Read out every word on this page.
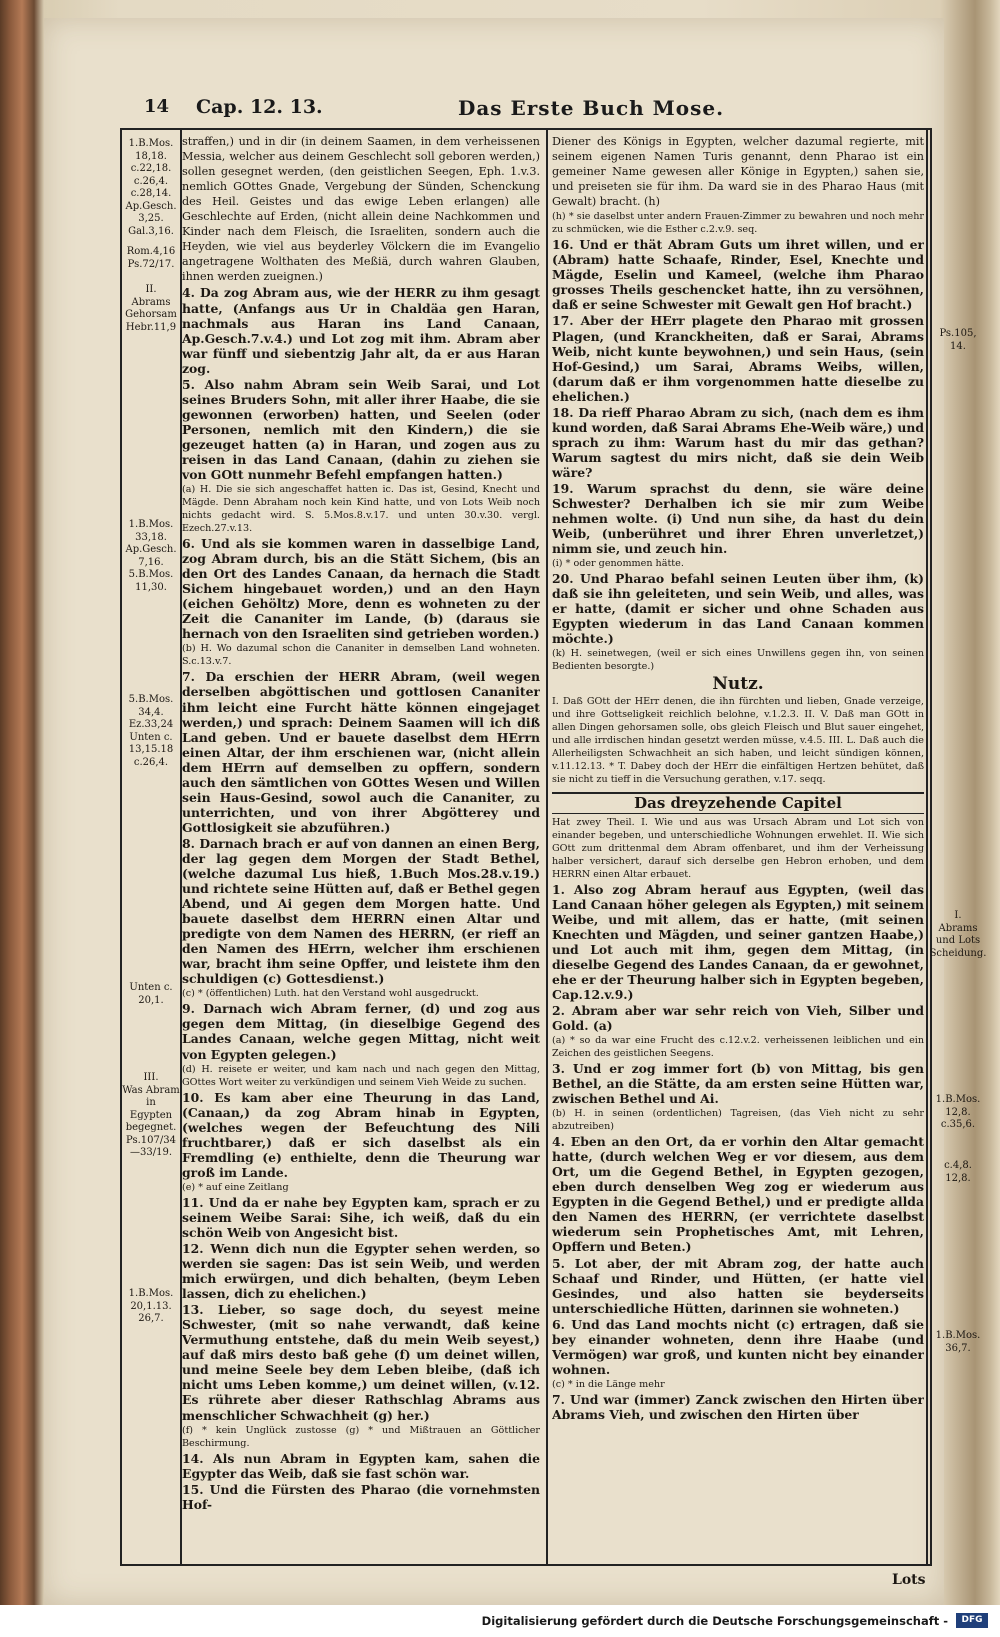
14 Cap. 12. 13.	Das Erste Buch Mose.
1.B.Mos.
18,18.
c.22,18.
c.26,4.
c.28,14.
Ap.Gesch.
3,25.
Gal.3,16.
Rom.4,16
Ps.72/17.
II.
Abrams
Gehorsam
Hebr.11,9
1.B.Mos.
33,18.
Ap.Gesch.
7,16.
5.B.Mos.
11,30.
5.B.Mos.
34,4.
Ez.33,24
Unten c.
13,15.18
c.26,4.
Unten c.
20,1.
III.
Was Abram in
Egypten
begegnet.
Ps.107/34
—33/19.
1.B.Mos.
20,1.13.
26,7.
Ps.105,
14.
I.
Abrams
und Lots
Scheidung.
1.B.Mos.
12,8.
c.35,6.
c.4,8.
12,8.
1.B.Mos.
36,7.

straffen,) und in dir (in deinem Saamen, in dem verheissenen Messia, welcher aus deinem Geschlecht soll geboren werden,) sollen gesegnet werden, (den geistlichen Seegen, Eph. 1.v.3. nemlich GOttes Gnade, Vergebung der Sünden, Schenckung des Heil. Geistes und das ewige Leben erlangen) alle Geschlechte auf Erden, (nicht allein deine Nachkommen und Kinder nach dem Fleisch, die Israeliten, sondern auch die Heyden, wie viel aus beyderley Völckern die im Evangelio angetragene Wolthaten des Meßiä, durch wahren Glauben, ihnen werden zueignen.)

4. Da zog Abram aus, wie der HERR zu ihm gesagt hatte, (Anfangs aus Ur in Chaldäa gen Haran, nachmals aus Haran ins Land Canaan, Ap.Gesch.7.v.4.) und Lot zog mit ihm. Abram aber war fünff und siebentzig Jahr alt, da er aus Haran zog.

5. Also nahm Abram sein Weib Sarai, und Lot seines Bruders Sohn, mit aller ihrer Haabe, die sie gewonnen (erworben) hatten, und Seelen (oder Personen, nemlich mit den Kindern,) die sie gezeuget hatten (a) in Haran, und zogen aus zu reisen in das Land Canaan, (dahin zu ziehen sie von GOtt nunmehr Befehl empfangen hatten.)

(a) H. Die sie sich angeschaffet hatten ic. Das ist, Gesind, Knecht und Mägde. Denn Abraham noch kein Kind hatte, und von Lots Weib noch nichts gedacht wird. S. 5.Mos.8.v.17. und unten 30.v.30. vergl. Ezech.27.v.13.

6. Und als sie kommen waren in dasselbige Land, zog Abram durch, bis an die Stätt Sichem, (bis an den Ort des Landes Canaan, da hernach die Stadt Sichem hingebauet worden,) und an den Hayn (eichen Gehöltz) More, denn es wohneten zu der Zeit die Cananiter im Lande, (b) (daraus sie hernach von den Israeliten sind getrieben worden.)

(b) H. Wo dazumal schon die Cananiter in demselben Land wohneten. S.c.13.v.7.

7. Da erschien der HERR Abram, (weil wegen derselben abgöttischen und gottlosen Cananiter ihm leicht eine Furcht hätte können eingejaget werden,) und sprach: Deinem Saamen will ich diß Land geben. Und er bauete daselbst dem HErrn einen Altar, der ihm erschienen war, (nicht allein dem HErrn auf demselben zu opffern, sondern auch den sämtlichen von GOttes Wesen und Willen sein Haus-Gesind, sowol auch die Cananiter, zu unterrichten, und von ihrer Abgötterey und Gottlosigkeit sie abzuführen.)

8. Darnach brach er auf von dannen an einen Berg, der lag gegen dem Morgen der Stadt Bethel, (welche dazumal Lus hieß, 1.Buch Mos.28.v.19.) und richtete seine Hütten auf, daß er Bethel gegen Abend, und Ai gegen dem Morgen hatte. Und bauete daselbst dem HERRN einen Altar und predigte von dem Namen des HERRN, (er rieff an den Namen des HErrn, welcher ihm erschienen war, bracht ihm seine Opffer, und leistete ihm den schuldigen (c) Gottesdienst.)

(c) * (öffentlichen) Luth. hat den Verstand wohl ausgedruckt.

9. Darnach wich Abram ferner, (d) und zog aus gegen dem Mittag, (in dieselbige Gegend des Landes Canaan, welche gegen Mittag, nicht weit von Egypten gelegen.)

(d) H. reisete er weiter, und kam nach und nach gegen den Mittag, GOttes Wort weiter zu verkündigen und seinem Vieh Weide zu suchen.

10. Es kam aber eine Theurung in das Land, (Canaan,) da zog Abram hinab in Egypten, (welches wegen der Befeuchtung des Nili fruchtbarer,) daß er sich daselbst als ein Fremdling (e) enthielte, denn die Theurung war groß im Lande.

(e) * auf eine Zeitlang

11. Und da er nahe bey Egypten kam, sprach er zu seinem Weibe Sarai: Sihe, ich weiß, daß du ein schön Weib von Angesicht bist.

12. Wenn dich nun die Egypter sehen werden, so werden sie sagen: Das ist sein Weib, und werden mich erwürgen, und dich behalten, (beym Leben lassen, dich zu ehelichen.)

13. Lieber, so sage doch, du seyest meine Schwester, (mit so nahe verwandt, daß keine Vermuthung entstehe, daß du mein Weib seyest,) auf daß mirs desto baß gehe (f) um deinet willen, und meine Seele bey dem Leben bleibe, (daß ich nicht ums Leben komme,) um deinet willen, (v.12. Es rührete aber dieser Rathschlag Abrams aus menschlicher Schwachheit (g) her.)

(f) * kein Unglück zustosse (g) * und Mißtrauen an Göttlicher Beschirmung.

14. Als nun Abram in Egypten kam, sahen die Egypter das Weib, daß sie fast schön war.

15. Und die Fürsten des Pharao (die vornehmsten Hof-

Diener des Königs in Egypten, welcher dazumal regierte, mit seinem eigenen Namen Turis genannt, denn Pharao ist ein gemeiner Name gewesen aller Könige in Egypten,) sahen sie, und preiseten sie für ihm. Da ward sie in des Pharao Haus (mit Gewalt) bracht. (h)

(h) * sie daselbst unter andern Frauen-Zimmer zu bewahren und noch mehr zu schmücken, wie die Esther c.2.v.9. seq.

16. Und er thät Abram Guts um ihret willen, und er (Abram) hatte Schaafe, Rinder, Esel, Knechte und Mägde, Eselin und Kameel, (welche ihm Pharao grosses Theils geschencket hatte, ihn zu versöhnen, daß er seine Schwester mit Gewalt gen Hof bracht.)

17. Aber der HErr plagete den Pharao mit grossen Plagen, (und Kranckheiten, daß er Sarai, Abrams Weib, nicht kunte beywohnen,) und sein Haus, (sein Hof-Gesind,) um Sarai, Abrams Weibs, willen, (darum daß er ihm vorgenommen hatte dieselbe zu ehelichen.)

18. Da rieff Pharao Abram zu sich, (nach dem es ihm kund worden, daß Sarai Abrams Ehe-Weib wäre,) und sprach zu ihm: Warum hast du mir das gethan? Warum sagtest du mirs nicht, daß sie dein Weib wäre?

19. Warum sprachst du denn, sie wäre deine Schwester? Derhalben ich sie mir zum Weibe nehmen wolte. (i) Und nun sihe, da hast du dein Weib, (unberühret und ihrer Ehren unverletzet,) nimm sie, und zeuch hin.

(i) * oder genommen hätte.

20. Und Pharao befahl seinen Leuten über ihm, (k) daß sie ihn geleiteten, und sein Weib, und alles, was er hatte, (damit er sicher und ohne Schaden aus Egypten wiederum in das Land Canaan kommen möchte.)

(k) H. seinetwegen, (weil er sich eines Unwillens gegen ihn, von seinen Bedienten besorgte.)

Nutz.

I. Daß GOtt der HErr denen, die ihn fürchten und lieben, Gnade verzeige, und ihre Gottseligkeit reichlich belohne, v.1.2.3. II. V. Daß man GOtt in allen Dingen gehorsamen solle, obs gleich Fleisch und Blut sauer eingehet, und alle irrdischen hindan gesetzt werden müsse, v.4.5. III. L. Daß auch die Allerheiligsten Schwachheit an sich haben, und leicht sündigen können, v.11.12.13. * T. Dabey doch der HErr die einfältigen Hertzen behütet, daß sie nicht zu tieff in die Versuchung gerathen, v.17. seqq.

Das dreyzehende Capitel

Hat zwey Theil. I. Wie und aus was Ursach Abram und Lot sich von einander begeben, und unterschiedliche Wohnungen erwehlet. II. Wie sich GOtt zum drittenmal dem Abram offenbaret, und ihm der Verheissung halber versichert, darauf sich derselbe gen Hebron erhoben, und dem HERRN einen Altar erbauet.

1. Also zog Abram herauf aus Egypten, (weil das Land Canaan höher gelegen als Egypten,) mit seinem Weibe, und mit allem, das er hatte, (mit seinen Knechten und Mägden, und seiner gantzen Haabe,) und Lot auch mit ihm, gegen dem Mittag, (in dieselbe Gegend des Landes Canaan, da er gewohnet, ehe er der Theurung halber sich in Egypten begeben, Cap.12.v.9.)

2. Abram aber war sehr reich von Vieh, Silber und Gold. (a)

(a) * so da war eine Frucht des c.12.v.2. verheissenen leiblichen und ein Zeichen des geistlichen Seegens.

3. Und er zog immer fort (b) von Mittag, bis gen Bethel, an die Stätte, da am ersten seine Hütten war, zwischen Bethel und Ai.

(b) H. in seinen (ordentlichen) Tagreisen, (das Vieh nicht zu sehr abzutreiben)

4. Eben an den Ort, da er vorhin den Altar gemacht hatte, (durch welchen Weg er vor diesem, aus dem Ort, um die Gegend Bethel, in Egypten gezogen, eben durch denselben Weg zog er wiederum aus Egypten in die Gegend Bethel,) und er predigte allda den Namen des HERRN, (er verrichtete daselbst wiederum sein Prophetisches Amt, mit Lehren, Opffern und Beten.)

5. Lot aber, der mit Abram zog, der hatte auch Schaaf und Rinder, und Hütten, (er hatte viel Gesindes, und also hatten sie beyderseits unterschiedliche Hütten, darinnen sie wohneten.)

6. Und das Land mochts nicht (c) ertragen, daß sie bey einander wohneten, denn ihre Haabe (und Vermögen) war groß, und kunten nicht bey einander wohnen.

(c) * in die Länge mehr

7. Und war (immer) Zanck zwischen den Hirten über Abrams Vieh, und zwischen den Hirten über

Lots
Digitalisierung gefördert durch die Deutsche Forschungsgemeinschaft -	DFG
